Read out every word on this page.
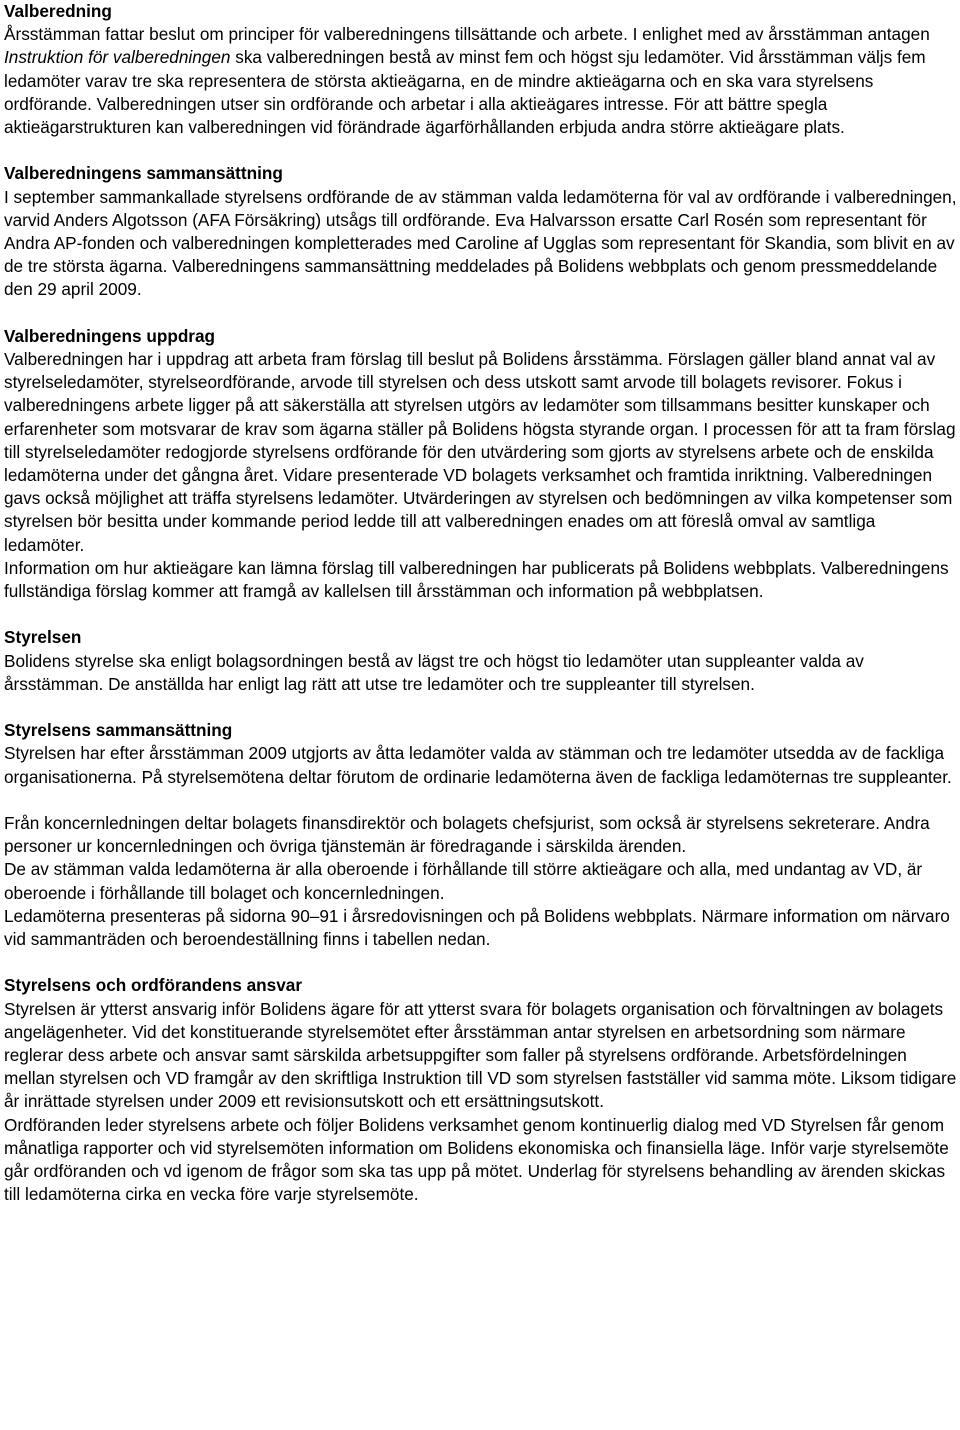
Valberedning

Årsstämman fattar beslut om principer för valberedningens tillsättande och arbete. I enlighet med av årsstämman antagen Instruktion för valberedningen ska valberedningen bestå av minst fem och högst sju ledamöter. Vid årsstämman väljs fem ledamöter varav tre ska representera de största aktieägarna, en de mindre aktieägarna och en ska vara styrelsens ordförande. Valberedningen utser sin ordförande och arbetar i alla aktieägares intresse. För att bättre spegla aktieägarstrukturen kan valberedningen vid förändrade ägarförhållanden erbjuda andra större aktieägare plats.

Valberedningens sammansättning

I september sammankallade styrelsens ordförande de av stämman valda ledamöterna för val av ordförande i valberedningen, varvid Anders Algotsson (AFA Försäkring) utsågs till ordförande. Eva Halvarsson ersatte Carl Rosén som representant för Andra AP-fonden och valberedningen kompletterades med Caroline af Ugglas som representant för Skandia, som blivit en av de tre största ägarna. Valberedningens sammansättning meddelades på Bolidens webbplats och genom pressmeddelande den 29 april 2009.

Valberedningens uppdrag

Valberedningen har i uppdrag att arbeta fram förslag till beslut på Bolidens årsstämma. Förslagen gäller bland annat val av styrelseledamöter, styrelseordförande, arvode till styrelsen och dess utskott samt arvode till bolagets revisorer. Fokus i valberedningens arbete ligger på att säkerställa att styrelsen utgörs av ledamöter som tillsammans besitter kunskaper och erfarenheter som motsvarar de krav som ägarna ställer på Bolidens högsta styrande organ. I processen för att ta fram förslag till styrelseledamöter redogjorde styrelsens ordförande för den utvärdering som gjorts av styrelsens arbete och de enskilda ledamöterna under det gångna året. Vidare presenterade VD bolagets verksamhet och framtida inriktning. Valberedningen gavs också möjlighet att träffa styrelsens ledamöter. Utvärderingen av styrelsen och bedömningen av vilka kompetenser som styrelsen bör besitta under kommande period ledde till att valberedningen enades om att föreslå omval av samtliga ledamöter.

Information om hur aktieägare kan lämna förslag till valberedningen har publicerats på Bolidens webbplats. Valberedningens fullständiga förslag kommer att framgå av kallelsen till årsstämman och information på webbplatsen.

Styrelsen

Bolidens styrelse ska enligt bolagsordningen bestå av lägst tre och högst tio ledamöter utan suppleanter valda av årsstämman. De anställda har enligt lag rätt att utse tre ledamöter och tre suppleanter till styrelsen.

Styrelsens sammansättning

Styrelsen har efter årsstämman 2009 utgjorts av åtta ledamöter valda av stämman och tre ledamöter utsedda av de fackliga organisationerna. På styrelsemötena deltar förutom de ordinarie ledamöterna även de fackliga ledamöternas tre suppleanter.

Från koncernledningen deltar bolagets finansdirektör och bolagets chefsjurist, som också är styrelsens sekreterare. Andra personer ur koncernledningen och övriga tjänstemän är föredragande i särskilda ärenden.

De av stämman valda ledamöterna är alla oberoende i förhållande till större aktieägare och alla, med undantag av VD, är oberoende i förhållande till bolaget och koncernledningen.

Ledamöterna presenteras på sidorna 90–91 i årsredovisningen och på Bolidens webbplats. Närmare information om närvaro vid sammanträden och beroendeställning finns i tabellen nedan.

Styrelsens och ordförandens ansvar

Styrelsen är ytterst ansvarig inför Bolidens ägare för att ytterst svara för bolagets organisation och förvaltningen av bolagets angelägenheter. Vid det konstituerande styrelsemötet efter årsstämman antar styrelsen en arbetsordning som närmare reglerar dess arbete och ansvar samt särskilda arbetsuppgifter som faller på styrelsens ordförande. Arbetsfördelningen mellan styrelsen och VD framgår av den skriftliga Instruktion till VD som styrelsen fastställer vid samma möte. Liksom tidigare år inrättade styrelsen under 2009 ett revisionsutskott och ett ersättningsutskott.

Ordföranden leder styrelsens arbete och följer Bolidens verksamhet genom kontinuerlig dialog med VD Styrelsen får genom månatliga rapporter och vid styrelsemöten information om Bolidens ekonomiska och finansiella läge. Inför varje styrelsemöte går ordföranden och vd igenom de frågor som ska tas upp på mötet. Underlag för styrelsens behandling av ärenden skickas till ledamöterna cirka en vecka före varje styrelsemöte.
